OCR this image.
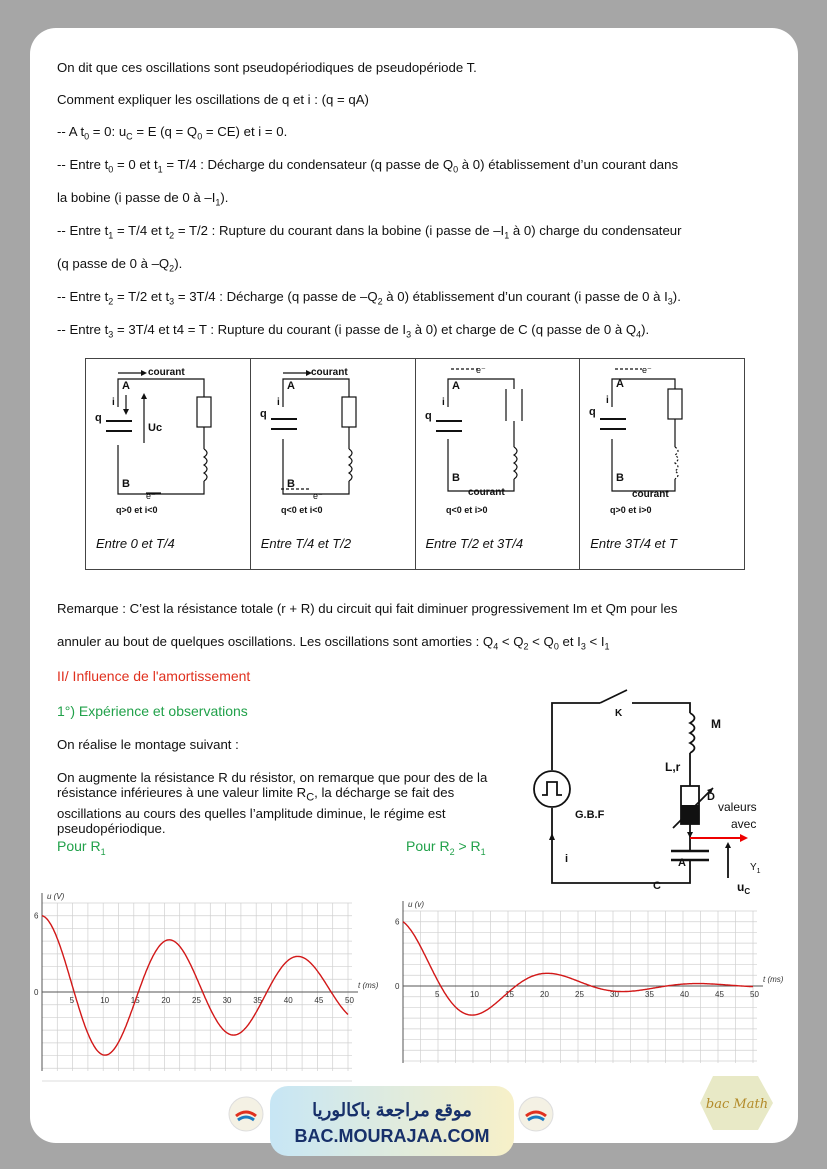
On dit que ces oscillations sont pseudopériodiques de pseudopériode T.
Comment expliquer les oscillations de q et i : (q = qA)
-- A $t_0 = 0$: $u_C = E$ $(q = Q_0 = CE)$ et i = 0.
-- Entre $t_0 = 0$ et $t_1 = T/4$ : Décharge du condensateur (q passe de $Q_0$ à 0) établissement d’un courant dans
la bobine (i passe de 0 à $-I_1$).
-- Entre $t_1 = T/4$ et $t_2 = T/2$ : Rupture du courant dans la bobine (i passe de $-I_1$ à 0) charge du condensateur
(q passe de 0 à $-Q_2$).
-- Entre $t_2 = T/2$ et $t_3 = 3T/4$ : Décharge (q passe de $-Q_2$ à 0) établissement d’un courant (i passe de 0 à $I_3$).
-- Entre $t_3 = 3T/4$ et t4 = T : Rupture du courant (i passe de $I_3$ à 0) et charge de C (q passe de 0 à $Q_4$).
courant
A
i
q
Uc
B
e⁻
q>0 et i<0
Entre 0 et T/4
courant
A
i
q
B
e⁻
q<0 et i<0
Entre T/4 et T/2
e⁻
A
i
q
B
courant
q<0 et i>0
Entre T/2 et 3T/4
e⁻
A
i
q
B
courant
q>0 et i>0
Entre 3T/4 et T
Remarque : C’est la résistance totale (r + R) du circuit qui fait diminuer progressivement Im et Qm pour les
annuler au bout de quelques oscillations. Les oscillations sont amorties : $Q_4 < Q_2 < Q_0$ et $I_3 < I_1$
II/ Influence de l'amortissement
1°) Expérience et observations
On réalise le montage suivant :
On augmente la résistance R du résistor, on remarque que pour des de la résistance inférieures à une valeur limite $R_C$, la décharge se fait des oscillations au cours des quelles l’amplitude diminue, le régime est pseudopériodique.
Pour $R_1$	Pour $R_2 > R_1$
M
K
L,r
D
G.B.F
valeurs
avec
A
C
$Y_1$
$u_C$
i
u (V)
t (ms)
6
0
5	10	15	20	25	30	35	40	45	50
u (v)
t (ms)
6
0
5	10	15	20	25	30	35	40	45	50
موقع مراجعة باكالوريا
BAC.MOURAJAA.COM
bac Math
